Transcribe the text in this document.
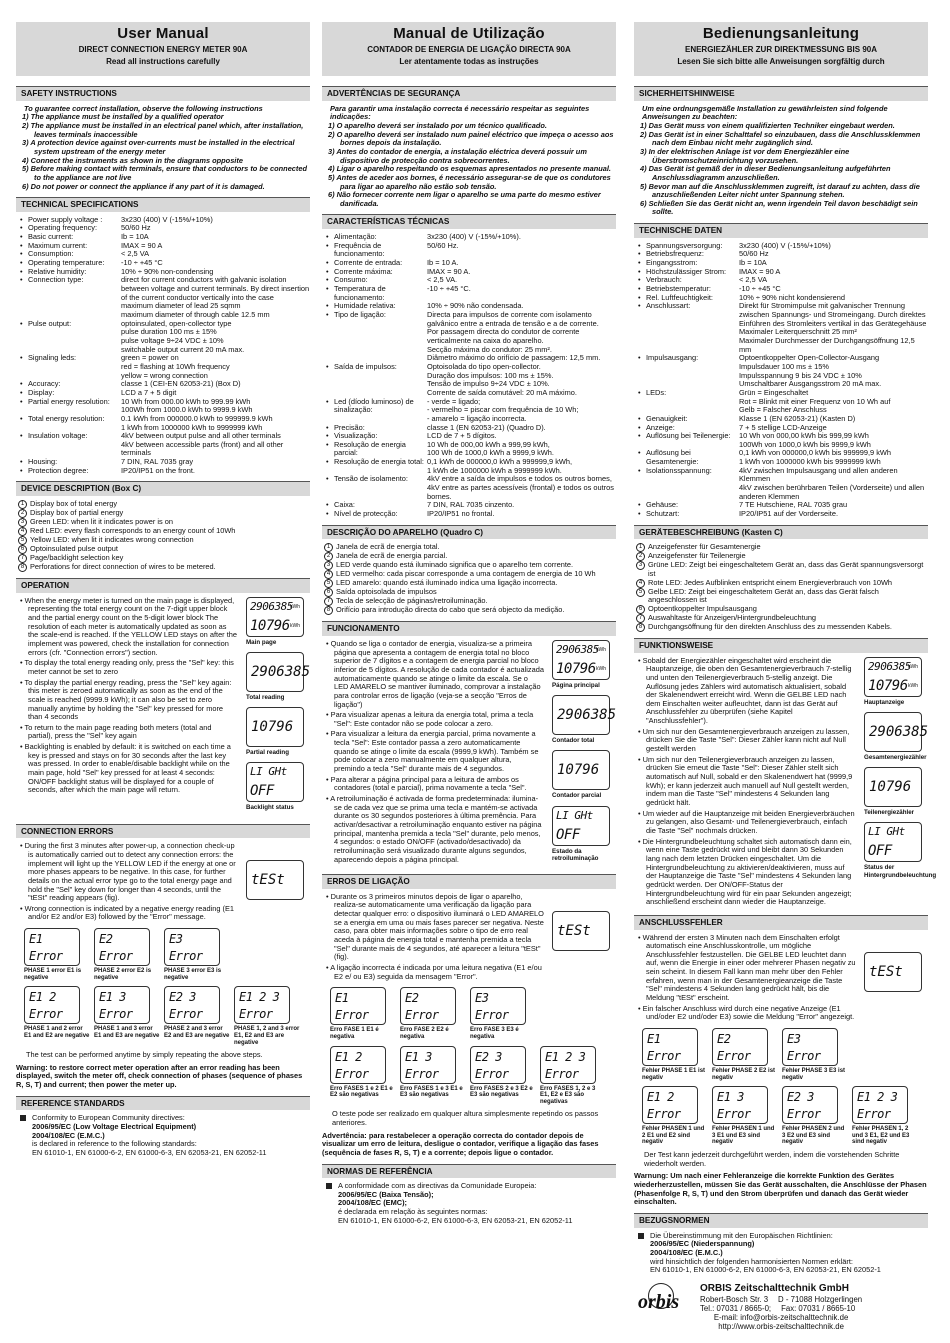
User Manual
DIRECT CONNECTION ENERGY METER 90A
Read all instructions carefully
SAFETY INSTRUCTIONS
To guarantee correct installation, observe the following instructions
1) The appliance must be installed by a qualified operator
2) The appliance must be installed in an electrical panel which, after installation, leaves terminals inaccessible
3) A protection device against over-currents must be installed in the electrical system upstream of the energy meter
4) Connect the instruments as shown in the diagrams opposite
5) Before making contact with terminals, ensure that conductors to be connected to the appliance are not live
6) Do not power or connect the appliance if any part of it is damaged.
TECHNICAL SPECIFICATIONS
• Power supply voltage :	3x230 (400) V (-15%/+10%)
• Operating frequency:	50/60 Hz
• Basic current:	Ib = 10A
• Maximum current:	IMAX = 90 A
• Consumption:	< 2,5 VA
• Operating temperature:	-10 ÷ +45 °C
• Relative humidity:	10% ÷ 90% non-condensing
• Connection type:	direct for current conductors with galvanic isolation between voltage and current terminals. By direct insertion of the current conductor vertically into the case
maximum diameter of lead 25 sqmm
maximum diameter of through cable 12.5 mm
• Pulse output:	optoinsulated, open-collector type
pulse duration 100 ms ± 15%
pulse voltage 9÷24 VDC ± 10%
switchable output current 20 mA max.
• Signaling leds:	green = power on
red = flashing at 10Wh frequency
yellow = wrong connection
• Accuracy:	classe 1 (CEI-EN 62053-21) (Box D)
• Display:	LCD a 7 + 5 digit
• Partial energy resolution:	10 Wh from 000.00 kWh to 999.99 kWh
100Wh from 1000.0 kWh to 9999.9 kWh
• Total energy resolution:	0.1 kWh from 000000.0 kWh to 999999.9 kWh
1 kWh from 1000000 kWh to 9999999 kWh
• Insulation voltage:	4kV between output pulse and all other terminals
4kV between accessible parts (front) and all other terminals
• Housing:	7 DIN, RAL 7035 gray
• Protection degree:	IP20/IP51 on the front.
DEVICE DESCRIPTION (Box C)
1 Display box of total energy
2 Display box of partial energy
3 Green LED: when lit it indicates power is on
4 Red LED: every flash corresponds to an energy count of 10Wh
5 Yellow LED: when lit it indicates wrong connection
6 Optoinsulated pulse output
7 Page/backlight selection key
8 Perforations for direct connection of wires to be metered.
OPERATION

• When the energy meter is turned on the main page is displayed, representing the total energy count on the 7-digit upper block and the partial energy count on the 5-digit lower block The resolution of each meter is automatically updated as soon as the scale-end is reached. If the YELLOW LED stays on after the implement was powered, check the installation for connection errors (cfr. "Connection errors") section.

• To display the total energy reading only, press the "Sel" key: this meter cannot be set to zero

• To display the partial energy reading, press the "Sel" key again: this meter is zeroed automatically as soon as the end of the scale is reached (9999.9 kWh); it can also be set to zero manually anytime by holding the "Sel" key pressed for more than 4 seconds

• To return to the main page reading both meters (total and partial), press the "Sel" key again

• Backlighting is enabled by default: it is switched on each time a key is pressed and stays on for 30 seconds after the last key was pressed. In order to enable/disable backlight while on the main page, hold "Sel" key pressed for at least 4 seconds: ON/OFF backlight status will be displayed for a couple of seconds, after which the main page will return.

2906385
10796
kWh
kWh
Main page
2906385
Total reading
10796
Partial reading
LI GHt
OFF
Backlight status
CONNECTION ERRORS

• During the first 3 minutes after power-up, a connection check-up is automatically carried out to detect any connection errors: the implement will light up the YELLOW LED if the energy at one or more phases appears to be negative. In this case, for further details on the actual error type go to the total energy page and hold the "Sel" key down for longer than 4 seconds, until the "tESt" reading appears (fig).

• Wrong connection is indicated by a negative energy reading (E1 and/or E2 and/or E3) followed by the "Error" message.

tESt
E1
Error
PHASE 1 error E1 is negative
E2
Error
PHASE 2 error E2 is negative
E3
Error
PHASE 3 error E3 is negative
E1 2
Error
PHASE 1 and 2 error E1 and E2 are negative
E1 3
Error
PHASE 1 and 3 error E1 and E3 are negative
E2 3
Error
PHASE 2 and 3 error E2 and E3 are negative
E1 2 3
Error
PHASE 1, 2 and 3 error E1, E2 and E3 are negative
The test can be performed anytime by simply repeating the above steps.
Warning: to restore correct meter operation after an error reading has been displayed, switch the meter off, check connection of phases (sequence of phases R, S, T) and current; then power the meter up.
REFERENCE STANDARDS
Conformity to European Community directives:
2006/95/EC (Low Voltage Electrical Equipment)
2004/108/EC (E.M.C.)
is declared in reference to the following standards:
EN 61010-1, EN 61000-6-2, EN 61000-6-3, EN 62053-21, EN 62052-11
Manual de Utilização
CONTADOR DE ENERGIA DE LIGAÇÃO DIRECTA 90A
Ler atentamente todas as instruções
ADVERTÊNCIAS DE SEGURANÇA
Para garantir uma instalação correcta é necessário respeitar as seguintes indicações:
1) O aparelho deverá ser instalado por um técnico qualificado.
2) O aparelho deverá ser instalado num painel eléctrico que impeça o acesso aos bornes depois da instalação.
3) Antes do contador de energia, a instalação eléctrica deverá possuir um dispositivo de protecção contra sobrecorrentes.
4) Ligar o aparelho respeitando os esquemas apresentados no presente manual.
5) Antes de aceder aos bornes, é necessário assegurar-se de que os condutores para ligar ao aparelho não estão sob tensão.
6) Não fornecer corrente nem ligar o aparelho se uma parte do mesmo estiver danificada.
CARACTERÍSTICAS TÉCNICAS
• Alimentação:	3x230 (400) V (-15%/+10%).
• Frequência de funcionamento:
50/60 Hz.
• Corrente de entrada:	Ib = 10 A.
• Corrente máxima:	IMAX = 90 A.
• Consumo:	< 2,5 VA.
• Temperatura de funcionamento:
-10 ÷ +45 °C.
• Humidade relativa:	10% ÷ 90% não condensada.
• Tipo de ligação:	Directa para impulsos de corrente com isolamento galvânico entre a entrada de tensão e a de corrente.
Por passagem directa do condutor de corrente verticalmente na caixa do aparelho.
Secção máxima do condutor: 25 mm².
Diâmetro máximo do orifício de passagem: 12,5 mm.
• Saída de impulsos:	Optoisolada do tipo open-collector.
Duração dos impulsos: 100 ms ± 15%.
Tensão de impulso 9÷24 VDC ± 10%.
Corrente de saída comutável: 20 mA máximo.
• Led (díodo luminoso) de sinalização:
- verde = ligado;
- vermelho = piscar com frequência de 10 Wh;
- amarelo = ligação incorrecta.
• Precisão:	classe 1 (EN 62053-21) (Quadro D).
• Visualização:	LCD de 7 + 5 dígitos.
• Resolução de energia parcial:
10 Wh de 000,00 kWh a 999,99 kWh,
100 Wh de 1000,0 kWh a 9999,9 kWh.
• Resolução de energia total: 0,1 kWh de 000000,0 kWh a 999999,9 kWh,
1 kWh de 1000000 kWh a 9999999 kWh.
• Tensão de isolamento:	4kV entre a saída de impulsos e todos os outros bornes,
4kV entre as partes acessíveis (frontal) e todos os outros bornes.
• Caixa:	7 DIN, RAL 7035 cinzento.
• Nível de protecção:	IP20/IP51 no frontal.
DESCRIÇÃO DO APARELHO (Quadro C)
1 Janela de ecrã de energia total.
2 Janela de ecrã de energia parcial.
3 LED verde quando está iluminado significa que o aparelho tem corrente.
4 LED vermelho: cada piscar corresponde a uma contagem de energia de 10 Wh
5 LED amarelo: quando está iluminado indica uma ligação incorrecta.
6 Saída optoisolada de impulsos
7 Tecla de selecção de páginas/retroiluminação.
8 Orifício para introdução directa do cabo que será objecto da medição.
FUNCIONAMENTO

• Quando se liga o contador de energia, visualiza-se a primeira página que apresenta a contagem de energia total no bloco superior de 7 dígitos e a contagem de energia parcial no bloco inferior de 5 dígitos. A resolução de cada contador é actualizada automaticamente quando se atinge o limite da escala. Se o LED AMARELO se mantiver iluminado, comprovar a instalação para controlar erros de ligação (veja-se a secção "Erros de ligação")

• Para visualizar apenas a leitura da energia total, prima a tecla "Sel": Este contador não se pode colocar a zero.

• Para visualizar a leitura da energia parcial, prima novamente a tecla "Sel": Este contador passa a zero automaticamente quando se atinge o limite da escala (9999,9 kWh). Também se pode colocar a zero manualmente em qualquer altura, premindo a tecla "Sel" durante mais de 4 segundos.

• Para alterar a página principal para a leitura de ambos os contadores (total e parcial), prima novamente a tecla "Sel".

• A retroiluminação é activada de forma predeterminada: ilumina-se de cada vez que se prima uma tecla e mantém-se activada durante os 30 segundos posteriores à última premência. Para activar/desactivar a retroiluminação enquanto estiver na página principal, mantenha premida a tecla "Sel" durante, pelo menos, 4 segundos: o estado ON/OFF (activado/desactivado) da retroiluminação será visualizado durante alguns segundos, aparecendo depois a página principal.

2906385
10796
kWh
kWh
Página principal
2906385
Contador total
10796
Contador parcial
LI GHt
OFF
Estado da retroiluminação
ERROS DE LIGAÇÃO

• Durante os 3 primeiros minutos depois de ligar o aparelho, realiza-se automaticamente uma verificação da ligação para detectar qualquer erro: o dispositivo iluminará o LED AMARELO se a energia em uma ou mais fases parecer ser negativa. Neste caso, para obter mais informações sobre o tipo de erro real aceda à página de energia total e mantenha premida a tecla "Sel" durante mais de 4 segundos, até aparecer a leitura "tESt" (fig).

• A ligação incorrecta é indicada por uma leitura negativa (E1 e/ou E2 e/ ou E3) seguida da mensagem "Error".

tESt
E1
Error
Erro FASE 1 E1 é negativa
E2
Error
Erro FASE 2 E2 é negativa
E3
Error
Erro FASE 3 E3 é negativa
E1 2
Error
Erro FASES 1 e 2 E1 e E2 são negativas
E1 3
Error
Erro FASES 1 e 3 E1 e E3 são negativas
E2 3
Error
Erro FASES 2 e 3 E2 e E3 são negativas
E1 2 3
Error
Erro FASES 1, 2 e 3 E1, E2 e E3 são negativas
O teste pode ser realizado em qualquer altura simplesmente repetindo os passos anteriores.
Advertência: para restabelecer a operação correcta do contador depois de visualizar um erro de leitura, desligue o contador, verifique a ligação das fases (sequência de fases R, S, T) e a corrente; depois ligue o contador.
NORMAS DE REFERÊNCIA
A conformidade com as directivas da Comunidade Europeia:
2006/95/EC (Baixa Tensão);
2004/108/EC (EMC);
é declarada em relação às seguintes normas:
EN 61010-1, EN 61000-6-2, EN 61000-6-3, EN 62053-21, EN 62052-11
Bedienungsanleitung
ENERGIEZÄHLER ZUR DIREKTMESSUNG BIS 90A
Lesen Sie sich bitte alle Anweisungen sorgfältig durch
SICHERHEITSHINWEISE
Um eine ordnungsgemäße Installation zu gewährleisten sind folgende Anweisungen zu beachten:
1) Das Gerät muss von einem qualifizierten Techniker eingebaut werden.
2) Das Gerät ist in einer Schalttafel so einzubauen, dass die Anschlussklemmen nach dem Einbau nicht mehr zugänglich sind.
3) In der elektrischen Anlage ist vor dem Energiezähler eine Überstromschutzeinrichtung vorzusehen.
4) Das Gerät ist gemäß der in dieser Bedienungsanleitung aufgeführten Anschlussdiagramm anzuschließen.
5) Bevor man auf die Anschlussklemmen zugreift, ist darauf zu achten, dass die anzuschließenden Leiter nicht unter Spannung stehen.
6) Schließen Sie das Gerät nicht an, wenn irgendein Teil davon beschädigt sein sollte.
TECHNISCHE DATEN
• Spannungsversorgung:	3x230 (400) V (-15%/+10%)
• Betriebsfrequenz:	50/60 Hz
• Eingangsstrom:	Ib = 10A
• Höchstzulässiger Strom:	IMAX = 90 A
• Verbrauch:	< 2,5 VA
• Betriebstemperatur:	-10 ÷ +45 °C
• Rel. Luftfeuchtigkeit:	10% ÷ 90% nicht kondensierend
• Anschlussart:	Direkt für Stromimpulse mit galvanischer Trennung zwischen Spannungs- und Stromeingang. Durch direktes Einführen des Stromleiters vertikal in das Gerätegehäuse
Maximaler Leiterquerschnitt 25 mm²
Maximaler Durchmesser der Durchgangsöffnung 12,5 mm
• Impulsausgang:	Optoentkoppelter Open-Collector-Ausgang
Impulsdauer 100 ms ± 15%
Impulsspannung 9 bis 24 VDC ± 10%
Umschaltbarer Ausgangsstrom 20 mA max.
• LEDs:	Grün = Eingeschaltet
Rot = Blinkt mit einer Frequenz von 10 Wh auf
Gelb = Falscher Anschluss
• Genauigkeit:	Klasse 1 (EN 62053-21) (Kasten D)
• Anzeige:	7 + 5 stellige LCD-Anzeige
• Auflösung bei Teilenergie:	10 Wh von 000,00 kWh bis 999,99 kWh
100Wh von 1000,0 kWh bis 9999,9 kWh
• Auflösung bei Gesamtenergie:
0,1 kWh von 000000,0 kWh bis 999999,9 kWh
1 kWh von 1000000 kWh bis 9999999 kWh
• Isolationsspannung:	4kV zwischen Impulsausgang und allen anderen Klemmen
4kV zwischen berührbaren Teilen (Vorderseite) und allen anderen Klemmen
• Gehäuse:	7 TE Hutschiene, RAL 7035 grau
• Schutzart:	IP20/IP51 auf der Vorderseite.
GERÄTEBESCHREIBUNG (Kasten C)
1 Anzeigefenster für Gesamtenergie
2 Anzeigefenster für Teilenergie
3 Grüne LED: Zeigt bei eingeschaltetem Gerät an, dass das Gerät spannungsversorgt ist
4 Rote LED: Jedes Aufblinken entspricht einem Energieverbrauch von 10Wh
5 Gelbe LED: Zeigt bei eingeschaltetem Gerät an, dass das Gerät falsch angeschlossen ist
6 Optoentkoppelter Impulsausgang
7 Auswahltaste für Anzeigen/Hintergrundbeleuchtung
8 Durchgangsöffnung für den direkten Anschluss des zu messenden Kabels.
FUNKTIONSWEISE

• Sobald der Energiezähler eingeschaltet wird erscheint die Hauptanzeige, die oben den Gesamtenergieverbrauch 7-stellig und unten den Teilenergieverbrauch 5-stellig anzeigt. Die Auflösung jedes Zählers wird automatisch aktualisiert, sobald der Skalenendwert erreicht wird. Wenn die GELBE LED nach dem Einschalten weiter aufleuchtet, dann ist das Gerät auf Anschlussfehler zu überprüfen (siehe Kapitel "Anschlussfehler").

• Um sich nur den Gesamtenergieverbrauch anzeigen zu lassen, drücken Sie die Taste "Sel": Dieser Zähler kann nicht auf Null gestellt werden

• Um sich nur den Teilenergieverbrauch anzeigen zu lassen, drücken Sie erneut die Taste "Sel": Dieser Zähler stellt sich automatisch auf Null, sobald er den Skalenendwert hat (9999,9 kWh); er kann jederzeit auch manuell auf Null gestellt werden, indem man die Taste "Sel" mindestens 4 Sekunden lang gedrückt hält.

• Um wieder auf die Hauptanzeige mit beiden Energieverbräuchen zu gelangen, also Gesamt- und Teilenergieverbrauch, einfach die Taste "Sel" nochmals drücken.

• Die Hintergrundbeleuchtung schaltet sich automatisch dann ein, wenn eine Taste gedrückt wird und bleibt dann 30 Sekunden lang nach dem letzten Drücken eingeschaltet. Um die Hintergrundbeleuchtung zu aktivieren/deaktivieren, muss auf der Hauptanzeige die Taste "Sel" mindestens 4 Sekunden lang gedrückt werden. Der ON/OFF-Status der Hintergrundbeleuchtung wird für ein paar Sekunden angezeigt; anschließend erscheint dann wieder die Hauptanzeige.

2906385
10796
kWh
kWh
Hauptanzeige
2906385
Gesamtenergiezähler
10796
Teilenergiezähler
LI GHt
OFF
Status der Hintergrundbeleuchtung
ANSCHLUSSFEHLER

• Während der ersten 3 Minuten nach dem Einschalten erfolgt automatisch eine Anschlusskontrolle, um mögliche Anschlussfehler festzustellen. Die GELBE LED leuchtet dann auf, wenn die Energie in einer oder mehrerer Phasen negativ zu sein scheint. In diesem Fall kann man mehr über den Fehler erfahren, wenn man in der Gesamtenergieanzeige die Taste "Sel" mindestens 4 Sekunden lang gedrückt hält, bis die Meldung "tESt" erscheint.

• Ein falscher Anschluss wird durch eine negative Anzeige (E1 und/oder E2 und/oder E3) sowie die Meldung "Error" angezeigt.

tESt
E1
Error
Fehler PHASE 1 E1 ist negativ
E2
Error
Fehler PHASE 2 E2 ist negativ
E3
Error
Fehler PHASE 3 E3 ist negativ
E1 2
Error
Fehler PHASEN 1 und 2 E1 und E2 sind negativ
E1 3
Error
Fehler PHASEN 1 und 3 E1 und E3 sind negativ
E2 3
Error
Fehler PHASEN 2 und 3 E2 und E3 sind negativ
E1 2 3
Error
Fehler PHASEN 1, 2 und 3 E1, E2 und E3 sind negativ
Der Test kann jederzeit durchgeführt werden, indem die vorstehenden Schritte wiederholt werden.
Warnung: Um nach einer Fehleranzeige die korrekte Funktion des Gerätes wiederherzustellen, müssen Sie das Gerät ausschalten, die Anschlüsse der Phasen (Phasenfolge R, S, T) und den Strom überprüfen und danach das Gerät wieder einschalten.
BEZUGSNORMEN
Die Übereinstimmung mit den Europäischen Richtlinien:
2006/95/EC (Niederspannung)
2004/108/EC (E.M.C.)
wird hinsichtlich der folgenden harmonisierten Normen erklärt:
EN 61010-1, EN 61000-6-2, EN 61000-6-3, EN 62053-21, EN 62052-1
orbis
ORBIS Zeitschalttechnik GmbH
Robert-Bosch Str. 3 D - 71088 Holzgerlingen
Tel.: 07031 / 8665-0; Fax: 07031 / 8665-10
E-mail: info@orbis-zeitschalttechnik.de
http://www.orbis-zeitschalttechnik.de
